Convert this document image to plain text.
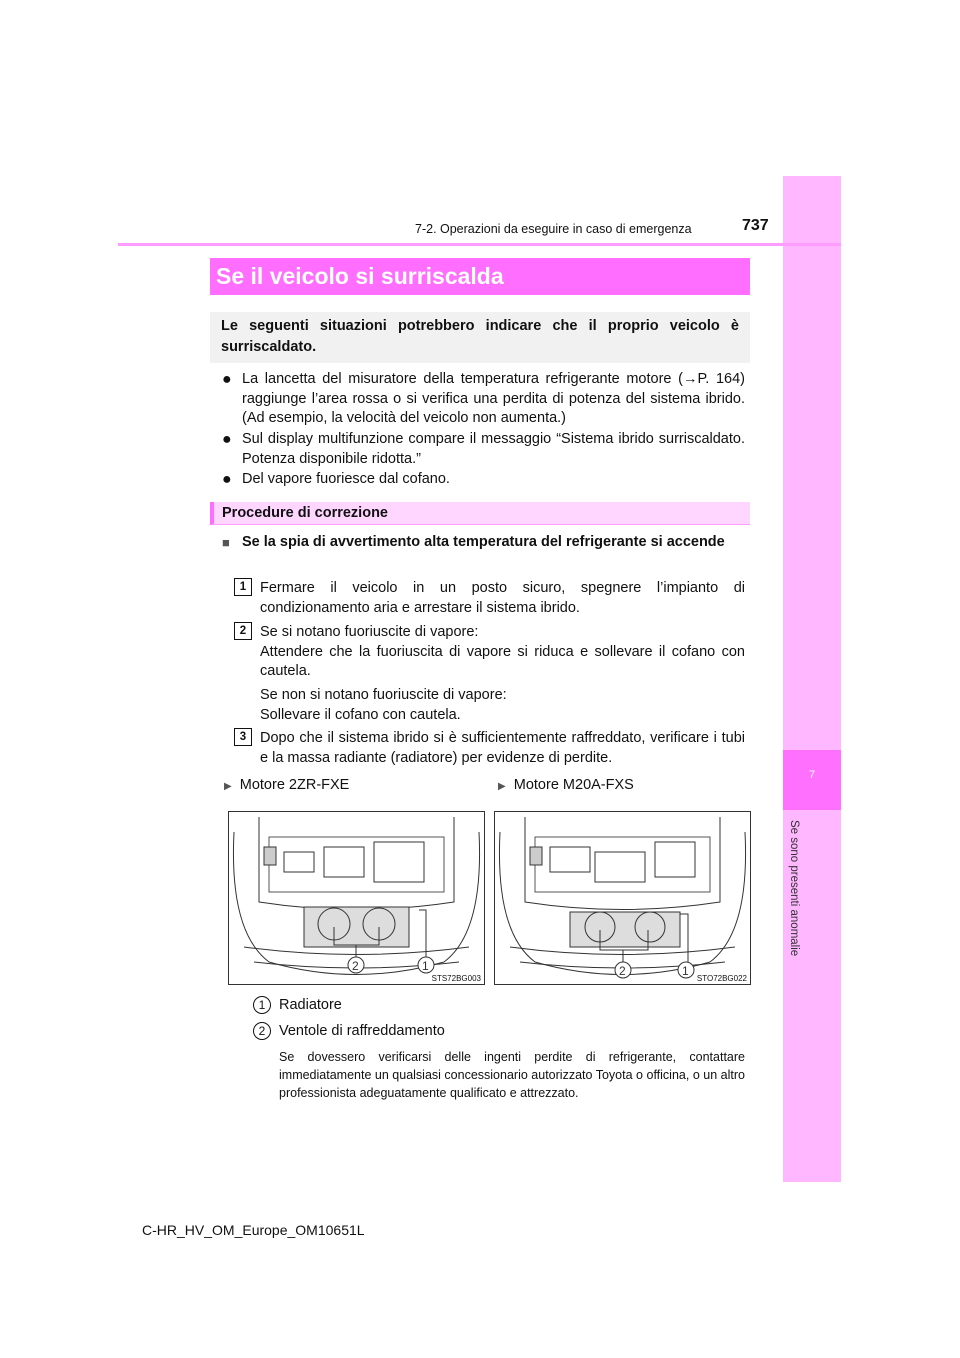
7
Se sono presenti anomalie
7-2. Operazioni da eseguire in caso di emergenza	737
Se il veicolo si surriscalda
Le seguenti situazioni potrebbero indicare che il proprio veicolo è surriscaldato.
● La lancetta del misuratore della temperatura refrigerante motore (→P. 164) raggiunge l’area rossa o si verifica una perdita di potenza del sistema ibrido. (Ad esempio, la velocità del veicolo non aumenta.)
● Sul display multifunzione compare il messaggio “Sistema ibrido surriscaldato. Potenza disponibile ridotta.”
● Del vapore fuoriesce dal cofano.
Procedure di correzione
■ Se la spia di avvertimento alta temperatura del refrigerante si accende
1 Fermare il veicolo in un posto sicuro, spegnere l’impianto di condizionamento aria e arrestare il sistema ibrido.
2 Se si notano fuoriuscite di vapore:
Attendere che la fuoriuscita di vapore si riduca e sollevare il cofano con cautela.
Se non si notano fuoriuscite di vapore:
Sollevare il cofano con cautela.
3 Dopo che il sistema ibrido si è sufficientemente raffreddato, verificare i tubi e la massa radiante (radiatore) per evidenze di perdite.
▶ Motore 2ZR-FXE	▶ Motore M20A-FXS
2	1
STS72BG003
2	1
STO72BG022
1 Radiatore
2 Ventole di raffreddamento
Se dovessero verificarsi delle ingenti perdite di refrigerante, contattare immediatamente un qualsiasi concessionario autorizzato Toyota o officina, o un altro professionista adeguatamente qualificato e attrezzato.
C-HR_HV_OM_Europe_OM10651L
